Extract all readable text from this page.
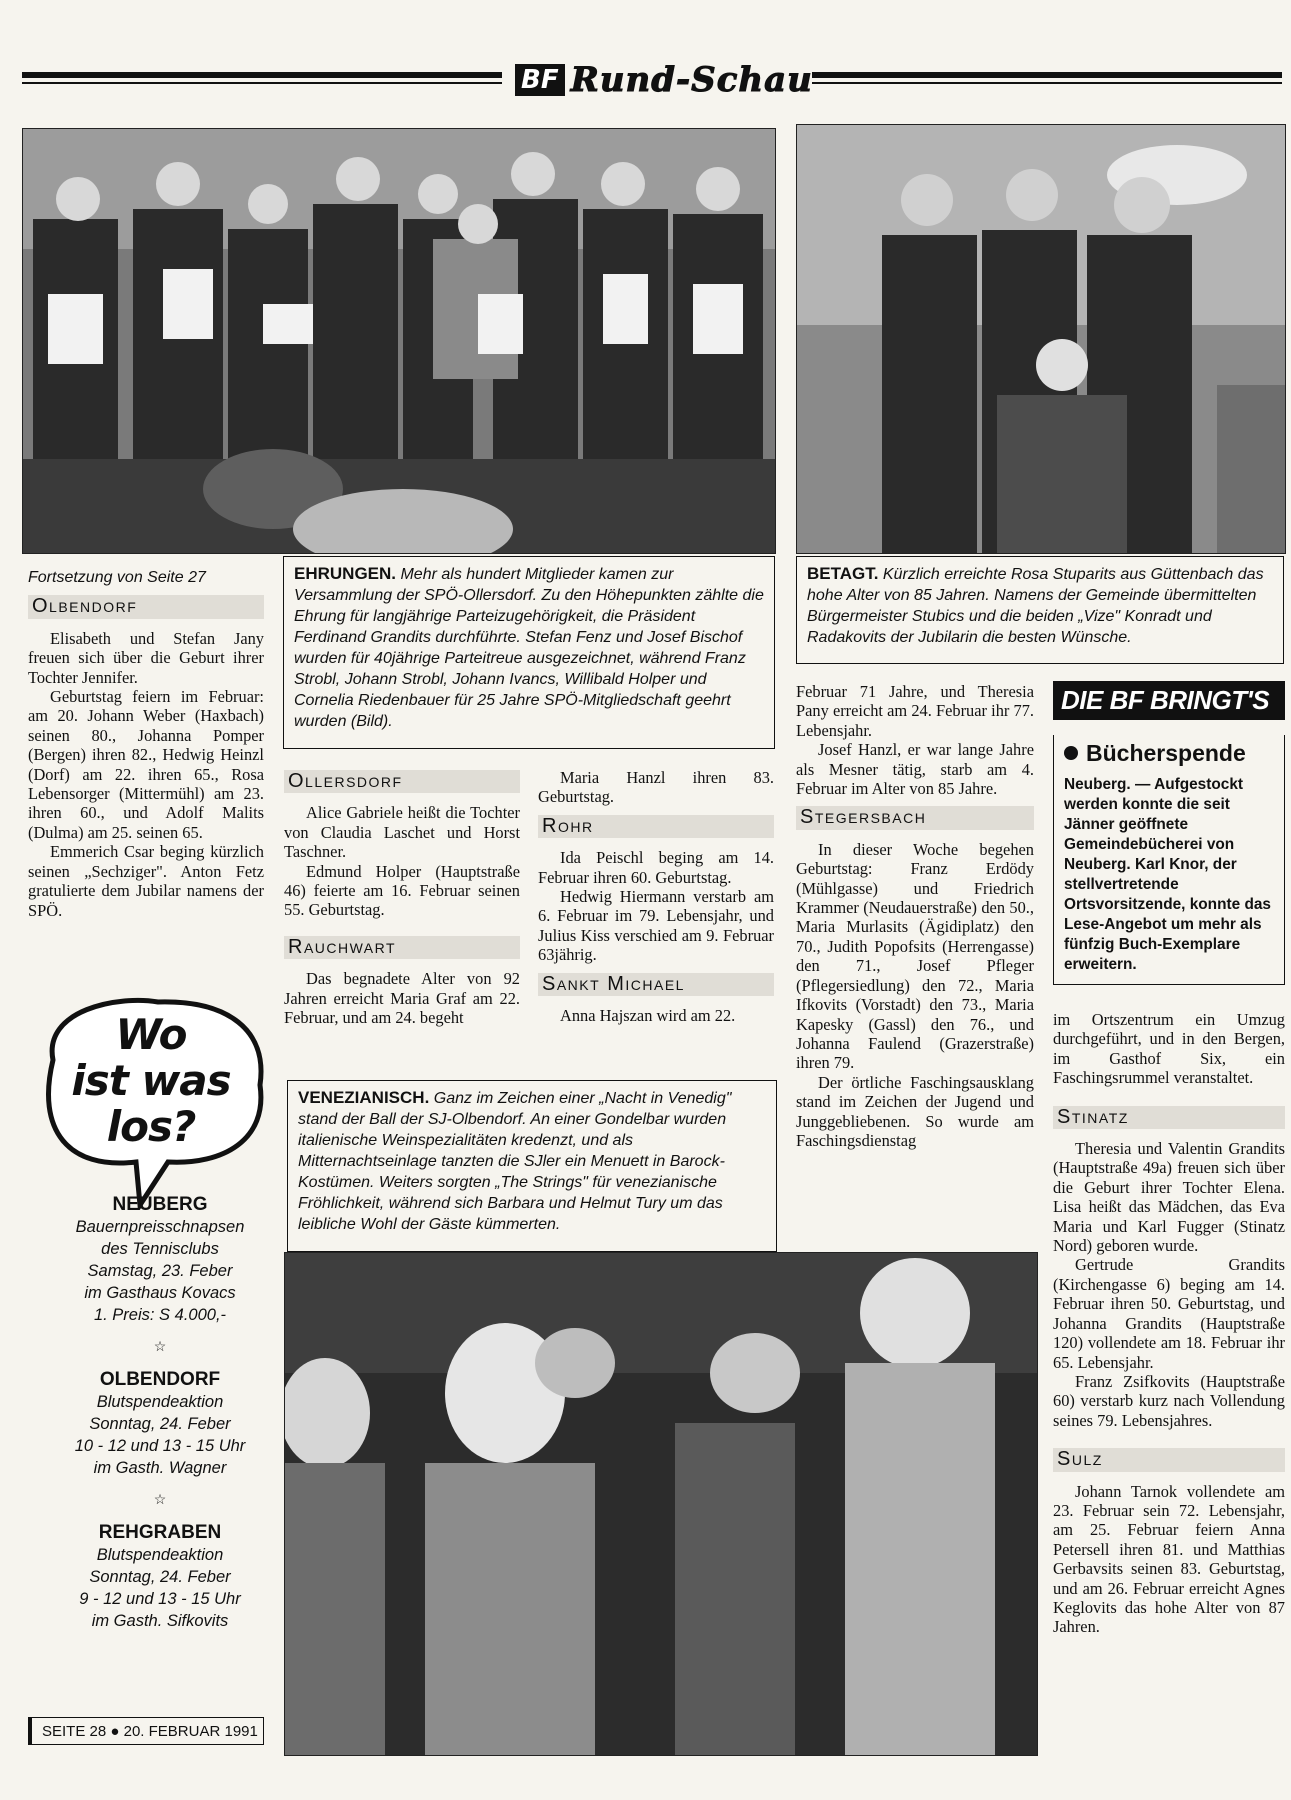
BF Rund-Schau
EHRUNGEN. Mehr als hundert Mitglieder kamen zur Versammlung der SPÖ-Ollersdorf. Zu den Höhepunkten zählte die Ehrung für langjährige Parteizugehörigkeit, die Präsident Ferdinand Grandits durchführte. Stefan Fenz und Josef Bischof wurden für 40jährige Parteitreue ausgezeichnet, während Franz Strobl, Johann Strobl, Johann Ivancs, Willibald Holper und Cornelia Riedenbauer für 25 Jahre SPÖ-Mitgliedschaft geehrt wurden (Bild).
BETAGT. Kürzlich erreichte Rosa Stuparits aus Güttenbach das hohe Alter von 85 Jahren. Namens der Gemeinde übermittelten Bürgermeister Stubics und die beiden „Vize" Konradt und Radakovits der Jubilarin die besten Wünsche.

Fortsetzung von Seite 27

Olbendorf

Elisabeth und Stefan Jany freuen sich über die Geburt ihrer Tochter Jennifer.

Geburtstag feiern im Februar: am 20. Johann Weber (Haxbach) seinen 80., Johanna Pomper (Bergen) ihren 82., Hedwig Heinzl (Dorf) am 22. ihren 65., Rosa Lebensorger (Mittermühl) am 23. ihren 60., und Adolf Malits (Dulma) am 25. seinen 65.

Emmerich Csar beging kürzlich seinen „Sechziger". Anton Fetz gratulierte dem Jubilar namens der SPÖ.

Ollersdorf

Alice Gabriele heißt die Tochter von Claudia Laschet und Horst Taschner.

Edmund Holper (Hauptstraße 46) feierte am 16. Februar seinen 55. Geburtstag.

Rauchwart

Das begnadete Alter von 92 Jahren erreicht Maria Graf am 22. Februar, und am 24. begeht

Maria Hanzl ihren 83. Geburtstag.

Rohr

Ida Peischl beging am 14. Februar ihren 60. Geburtstag.

Hedwig Hiermann verstarb am 6. Februar im 79. Lebensjahr, und Julius Kiss verschied am 9. Februar 63jährig.

Sankt Michael

Anna Hajszan wird am 22.

Februar 71 Jahre, und Theresia Pany erreicht am 24. Februar ihr 77. Lebensjahr.

Josef Hanzl, er war lange Jahre als Mesner tätig, starb am 4. Februar im Alter von 85 Jahre.

Stegersbach

In dieser Woche begehen Geburtstag: Franz Erdödy (Mühlgasse) und Friedrich Krammer (Neudauerstraße) den 50., Maria Murlasits (Ägidiplatz) den 70., Judith Popofsits (Herrengasse) den 71., Josef Pfleger (Pflegersiedlung) den 72., Maria Ifkovits (Vorstadt) den 73., Maria Kapesky (Gassl) den 76., und Johanna Faulend (Grazerstraße) ihren 79.

Der örtliche Faschingsausklang stand im Zeichen der Jugend und Junggebliebenen. So wurde am Faschingsdienstag

DIE BF BRINGT'S
Bücherspende
Neuberg. — Aufgestockt werden konnte die seit Jänner geöffnete Gemeindebücherei von Neuberg. Karl Knor, der stellvertretende Ortsvorsitzende, konnte das Lese-Angebot um mehr als fünfzig Buch-Exemplare erweitern.

im Ortszentrum ein Umzug durchgeführt, und in den Bergen, im Gasthof Six, ein Faschingsrummel veranstaltet.

Stinatz

Theresia und Valentin Grandits (Hauptstraße 49a) freuen sich über die Geburt ihrer Tochter Elena. Lisa heißt das Mädchen, das Eva Maria und Karl Fugger (Stinatz Nord) geboren wurde.

Gertrude Grandits (Kirchengasse 6) beging am 14. Februar ihren 50. Geburtstag, und Johanna Grandits (Hauptstraße 120) vollendete am 18. Februar ihr 65. Lebensjahr.

Franz Zsifkovits (Hauptstraße 60) verstarb kurz nach Vollendung seines 79. Lebensjahres.

Sulz

Johann Tarnok vollendete am 23. Februar sein 72. Lebensjahr, am 25. Februar feiern Anna Petersell ihren 81. und Matthias Gerbavsits seinen 83. Geburtstag, und am 26. Februar erreicht Agnes Keglovits das hohe Alter von 87 Jahren.

VENEZIANISCH. Ganz im Zeichen einer „Nacht in Venedig" stand der Ball der SJ-Olbendorf. An einer Gondelbar wurden italienische Weinspezialitäten kredenzt, und als Mitternachtseinlage tanzten die SJler ein Menuett in Barock-Kostümen. Weiters sorgten „The Strings" für venezianische Fröhlichkeit, während sich Barbara und Helmut Tury um das leibliche Wohl der Gäste kümmerten.
Wo
ist was
los?
NEUBERG
Bauernpreisschnapsen
des Tennisclubs
Samstag, 23. Feber
im Gasthaus Kovacs
1. Preis: S 4.000,-
☆
OLBENDORF
Blutspendeaktion
Sonntag, 24. Feber
10 - 12 und 13 - 15 Uhr
im Gasth. Wagner
☆
REHGRABEN
Blutspendeaktion
Sonntag, 24. Feber
9 - 12 und 13 - 15 Uhr
im Gasth. Sifkovits
SEITE 28 ● 20. FEBRUAR 1991
